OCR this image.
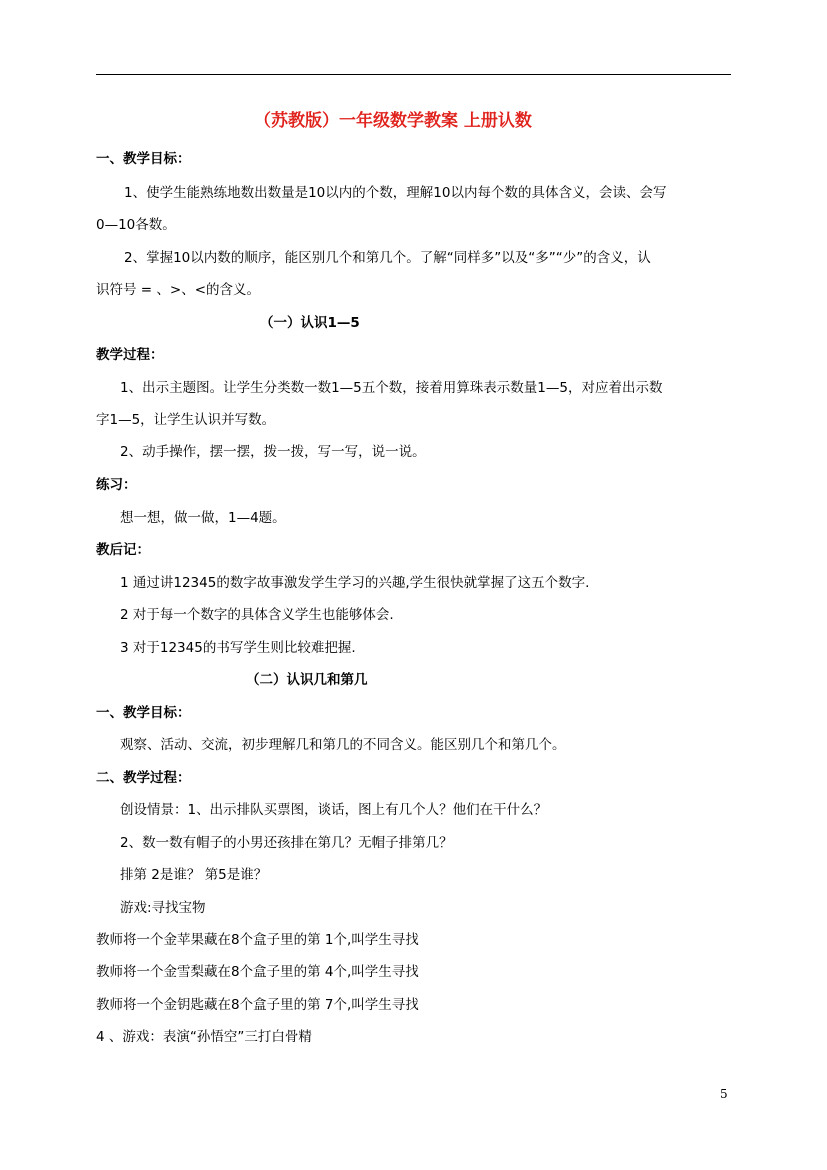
（苏教版）一年级数学教案 上册认数
一、教学目标：
1、使学生能熟练地数出数量是10以内的个数，理解10以内每个数的具体含义，会读、会写
0—10各数。
2、掌握10以内数的顺序，能区别几个和第几个。了解“同样多”以及“多”“少”的含义，认
识符号 = 、>、<的含义。
（一）认识1—5
教学过程：
1、出示主题图。让学生分类数一数1—5五个数，接着用算珠表示数量1—5，对应着出示数
字1—5，让学生认识并写数。
2、动手操作，摆一摆，拨一拨，写一写，说一说。
练习：
想一想，做一做，1—4题。
教后记：
1 通过讲12345的数字故事激发学生学习的兴趣,学生很快就掌握了这五个数字.
2 对于每一个数字的具体含义学生也能够体会.
3 对于12345的书写学生则比较难把握.
（二）认识几和第几
一、教学目标：
观察、活动、交流，初步理解几和第几的不同含义。能区别几个和第几个。
二、教学过程：
创设情景：1、出示排队买票图，谈话，图上有几个人？他们在干什么？
2、数一数有帽子的小男还孩排在第几？无帽子排第几？
排第 2是谁？ 第5是谁？
游戏:寻找宝物
教师将一个金苹果藏在8个盒子里的第 1个,叫学生寻找
教师将一个金雪梨藏在8个盒子里的第 4个,叫学生寻找
教师将一个金钥匙藏在8个盒子里的第 7个,叫学生寻找
4 、游戏：表演“孙悟空”三打白骨精
5
